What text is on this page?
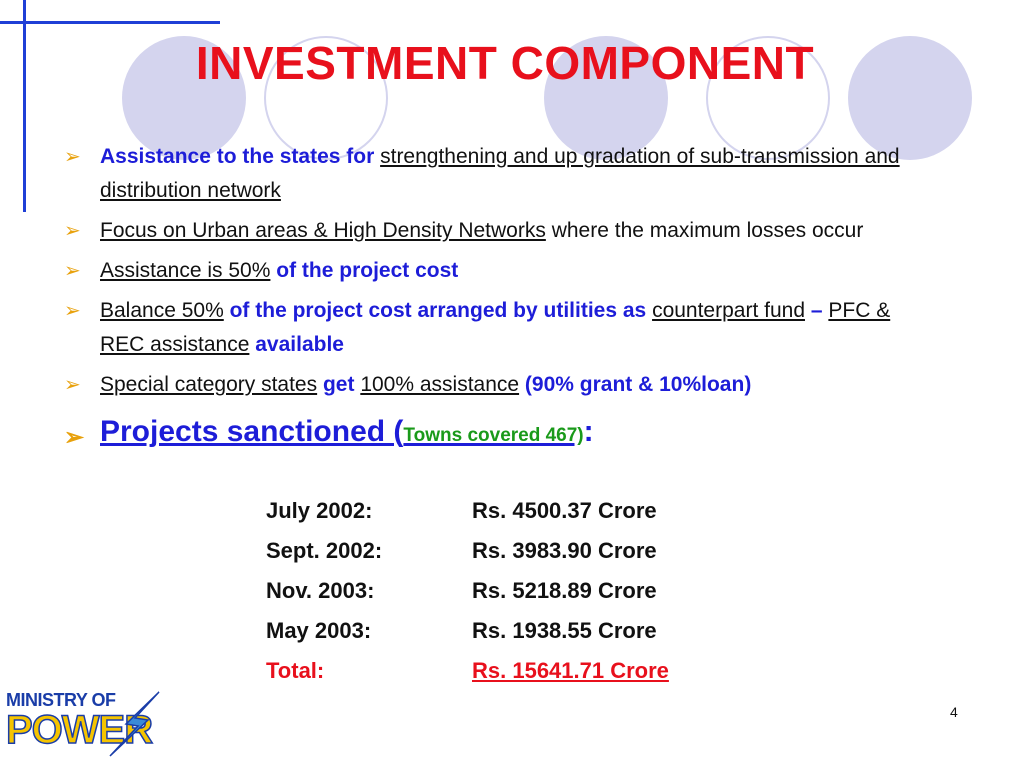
INVESTMENT COMPONENT
➢ Assistance to the states for strengthening and up gradation of sub-transmission and distribution network
➢ Focus on Urban areas & High Density Networks where the maximum losses occur
➢ Assistance is 50% of the project cost
➢ Balance 50% of the project cost arranged by utilities as counterpart fund – PFC & REC assistance available
➢ Special category states get 100% assistance (90% grant & 10%loan)
➢ Projects sanctioned (Towns covered 467):
July 2002:	Rs. 4500.37 Crore
Sept. 2002:	Rs. 3983.90 Crore
Nov. 2003:	Rs. 5218.89 Crore
May 2003:	Rs. 1938.55 Crore
Total:	Rs. 15641.71 Crore
MINISTRY OF
POWER	4
